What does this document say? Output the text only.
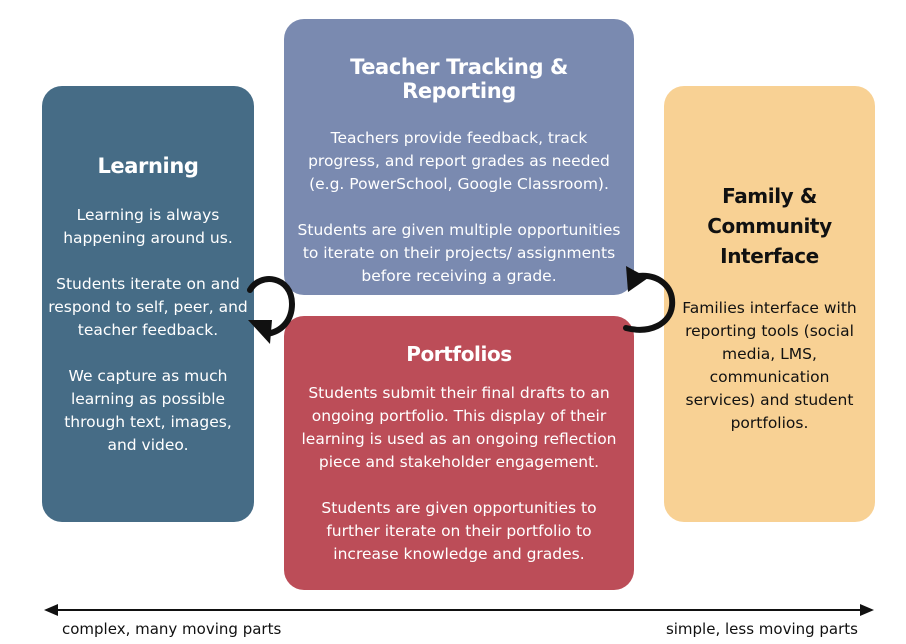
Learning

Learning is always happening around us.

Students iterate on and respond to self, peer, and teacher feedback.

We capture as much learning as possible through text, images, and video.

Teacher Tracking & Reporting

Teachers provide feedback, track progress, and report grades as needed (e.g. PowerSchool, Google Classroom).

Students are given multiple opportunities to iterate on their projects/ assignments before receiving a grade.

Portfolios

Students submit their final drafts to an ongoing portfolio. This display of their learning is used as an ongoing reflection piece and stakeholder engagement.

Students are given opportunities to further iterate on their portfolio to increase knowledge and grades.

Family & Community Interface

Families interface with reporting tools (social media, LMS, communication services) and student portfolios.

complex, many moving parts	simple, less moving parts
